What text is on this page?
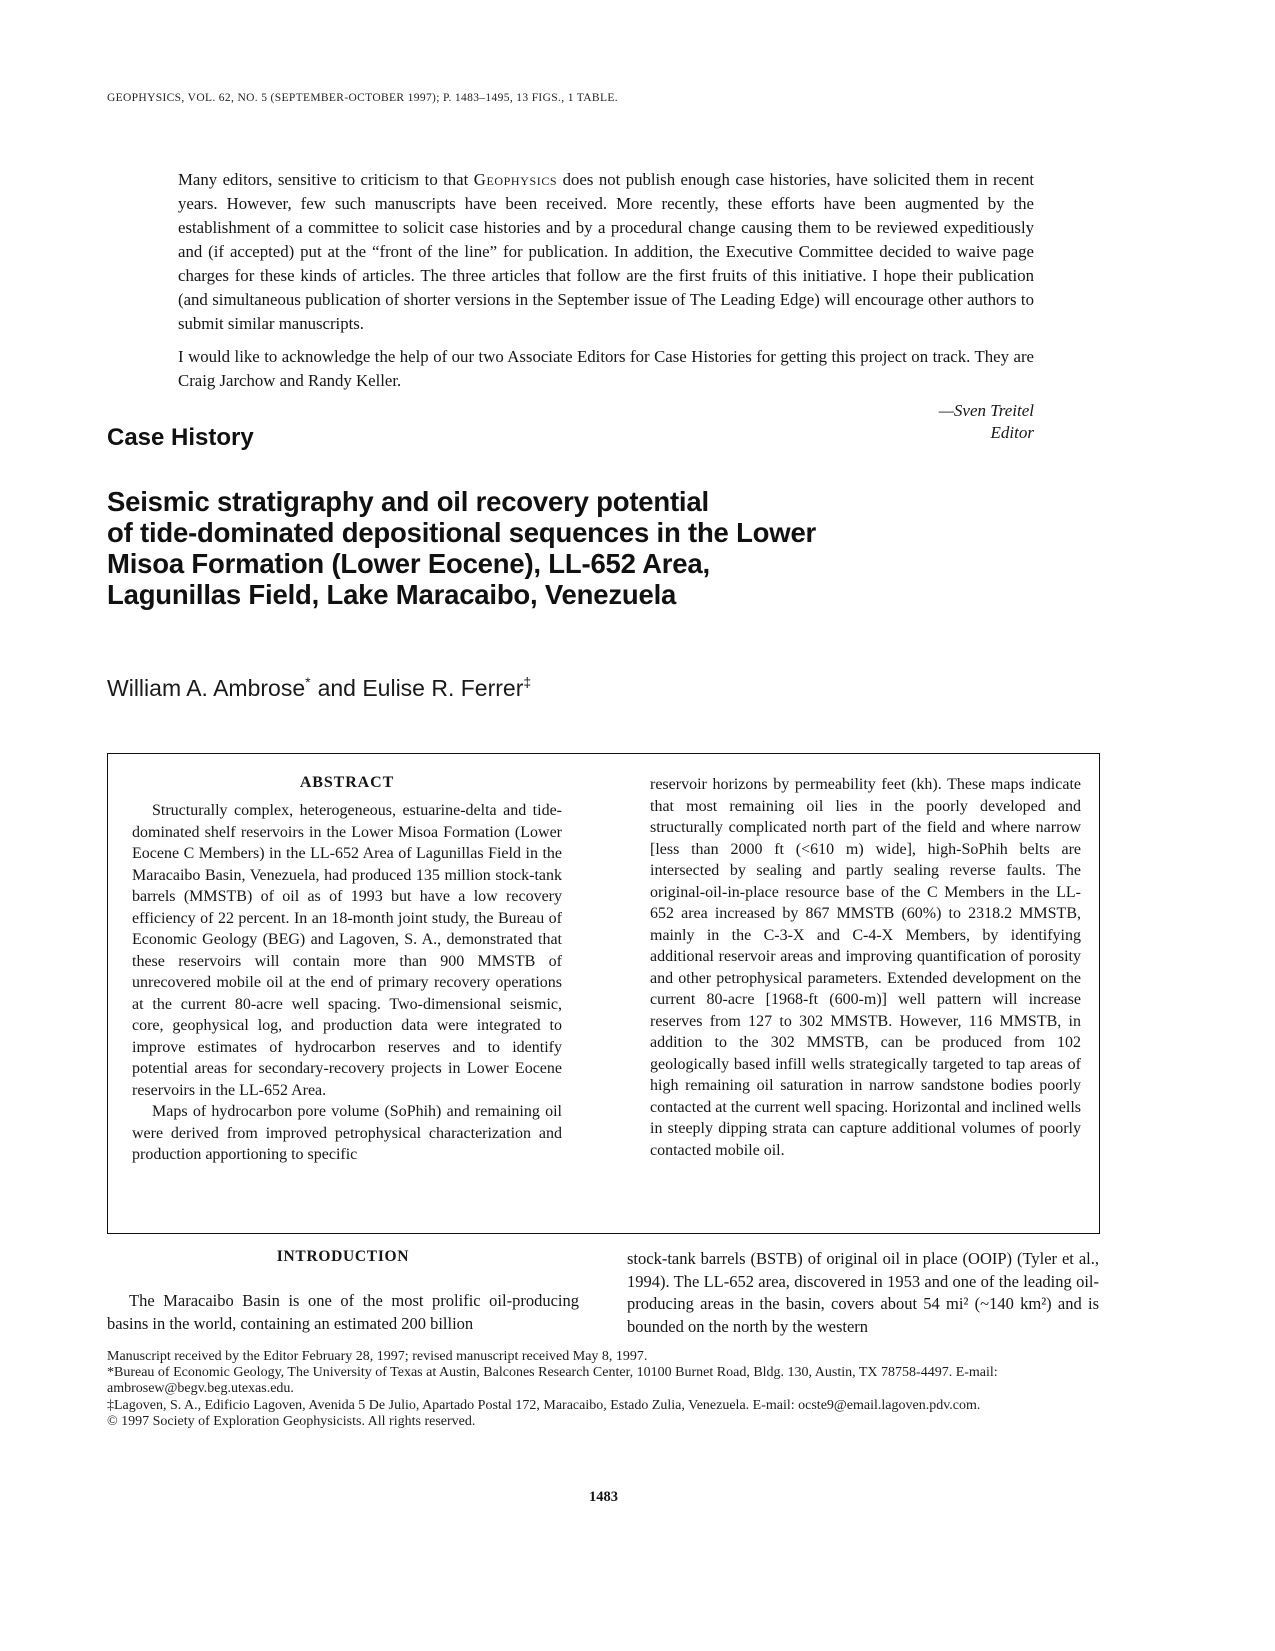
GEOPHYSICS, VOL. 62, NO. 5 (SEPTEMBER-OCTOBER 1997); P. 1483–1495, 13 FIGS., 1 TABLE.

Many editors, sensitive to criticism to that Geophysics does not publish enough case histories, have solicited them in recent years. However, few such manuscripts have been received. More recently, these efforts have been augmented by the establishment of a committee to solicit case histories and by a procedural change causing them to be reviewed expeditiously and (if accepted) put at the “front of the line” for publication. In addition, the Executive Committee decided to waive page charges for these kinds of articles. The three articles that follow are the first fruits of this initiative. I hope their publication (and simultaneous publication of shorter versions in the September issue of The Leading Edge) will encourage other authors to submit similar manuscripts.

I would like to acknowledge the help of our two Associate Editors for Case Histories for getting this project on track. They are Craig Jarchow and Randy Keller.

—Sven Treitel
Editor
Case History
Seismic stratigraphy and oil recovery potential
of tide-dominated depositional sequences in the Lower
Misoa Formation (Lower Eocene), LL-652 Area,
Lagunillas Field, Lake Maracaibo, Venezuela
William A. Ambrose* and Eulise R. Ferrer‡
ABSTRACT

Structurally complex, heterogeneous, estuarine-delta and tide-dominated shelf reservoirs in the Lower Misoa Formation (Lower Eocene C Members) in the LL-652 Area of Lagunillas Field in the Maracaibo Basin, Venezuela, had produced 135 million stock-tank barrels (MMSTB) of oil as of 1993 but have a low recovery efficiency of 22 percent. In an 18-month joint study, the Bureau of Economic Geology (BEG) and Lagoven, S. A., demonstrated that these reservoirs will contain more than 900 MMSTB of unrecovered mobile oil at the end of primary recovery operations at the current 80-acre well spacing. Two-dimensional seismic, core, geophysical log, and production data were integrated to improve estimates of hydrocarbon reserves and to identify potential areas for secondary-recovery projects in Lower Eocene reservoirs in the LL-652 Area.

Maps of hydrocarbon pore volume (SoPhih) and remaining oil were derived from improved petrophysical characterization and production apportioning to specific

reservoir horizons by permeability feet (kh). These maps indicate that most remaining oil lies in the poorly developed and structurally complicated north part of the field and where narrow [less than 2000 ft (<610 m) wide], high-SoPhih belts are intersected by sealing and partly sealing reverse faults. The original-oil-in-place resource base of the C Members in the LL-652 area increased by 867 MMSTB (60%) to 2318.2 MMSTB, mainly in the C-3-X and C-4-X Members, by identifying additional reservoir areas and improving quantification of porosity and other petrophysical parameters. Extended development on the current 80-acre [1968-ft (600-m)] well pattern will increase reserves from 127 to 302 MMSTB. However, 116 MMSTB, in addition to the 302 MMSTB, can be produced from 102 geologically based infill wells strategically targeted to tap areas of high remaining oil saturation in narrow sandstone bodies poorly contacted at the current well spacing. Horizontal and inclined wells in steeply dipping strata can capture additional volumes of poorly contacted mobile oil.

INTRODUCTION

The Maracaibo Basin is one of the most prolific oil-producing basins in the world, containing an estimated 200 billion

stock-tank barrels (BSTB) of original oil in place (OOIP) (Tyler et al., 1994). The LL-652 area, discovered in 1953 and one of the leading oil-producing areas in the basin, covers about 54 mi² (~140 km²) and is bounded on the north by the western

Manuscript received by the Editor February 28, 1997; revised manuscript received May 8, 1997.

*Bureau of Economic Geology, The University of Texas at Austin, Balcones Research Center, 10100 Burnet Road, Bldg. 130, Austin, TX 78758-4497. E-mail: ambrosew@begv.beg.utexas.edu.

‡Lagoven, S. A., Edificio Lagoven, Avenida 5 De Julio, Apartado Postal 172, Maracaibo, Estado Zulia, Venezuela. E-mail: ocste9@email.lagoven.pdv.com.

© 1997 Society of Exploration Geophysicists. All rights reserved.

1483
